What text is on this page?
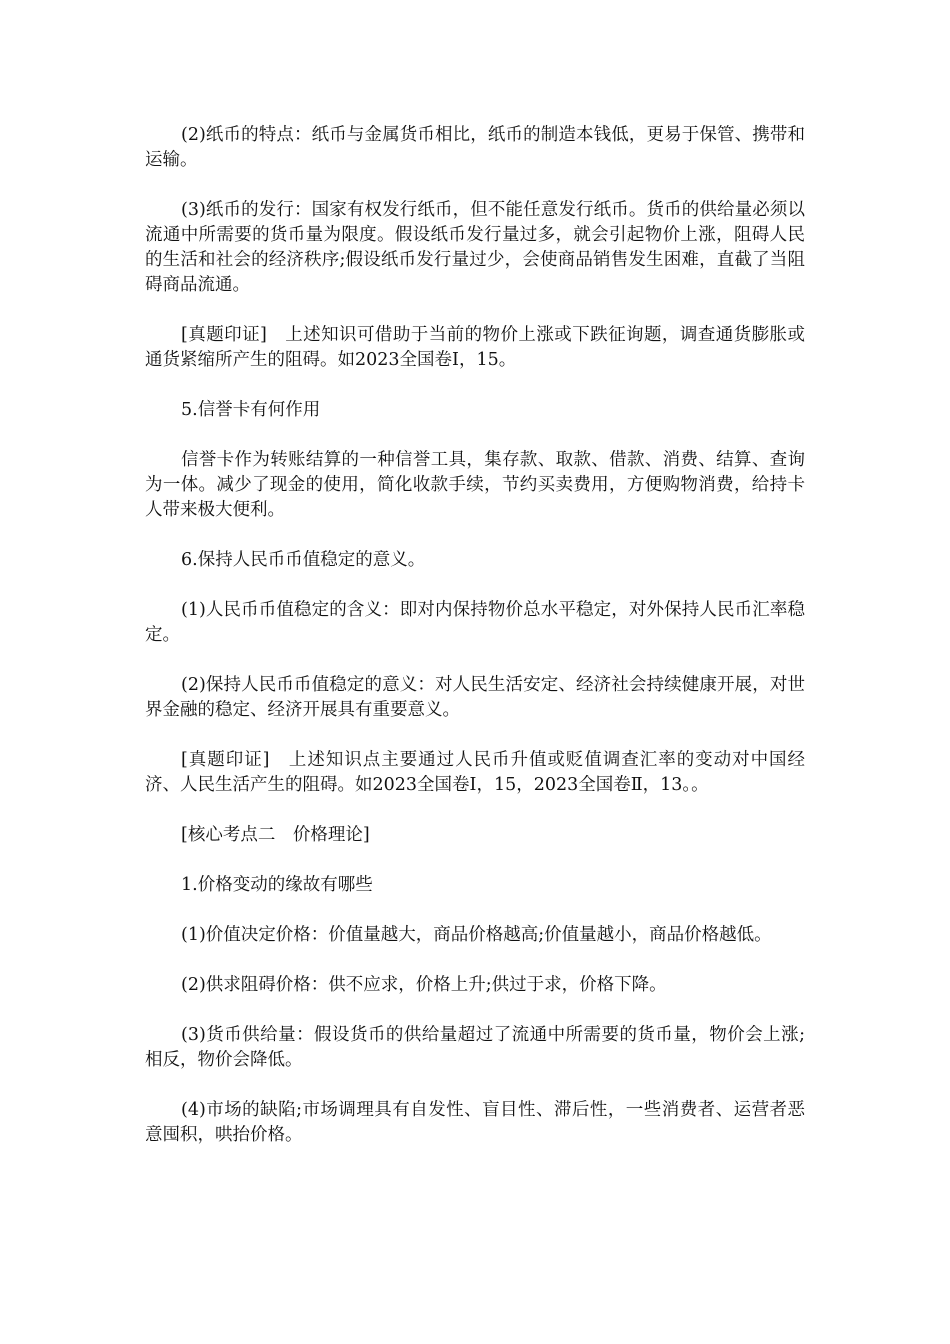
(2)纸币的特点：纸币与金属货币相比，纸币的制造本钱低，更易于保管、携带和运输。

(3)纸币的发行：国家有权发行纸币，但不能任意发行纸币。货币的供给量必须以流通中所需要的货币量为限度。假设纸币发行量过多，就会引起物价上涨，阻碍人民的生活和社会的经济秩序;假设纸币发行量过少，会使商品销售发生困难，直截了当阻碍商品流通。

[真题印证]　上述知识可借助于当前的物价上涨或下跌征询题，调查通货膨胀或通货紧缩所产生的阻碍。如2023全国卷Ⅰ，15。

5.信誉卡有何作用

信誉卡作为转账结算的一种信誉工具，集存款、取款、借款、消费、结算、查询为一体。减少了现金的使用，简化收款手续，节约买卖费用，方便购物消费，给持卡人带来极大便利。

6.保持人民币币值稳定的意义。

(1)人民币币值稳定的含义：即对内保持物价总水平稳定，对外保持人民币汇率稳定。

(2)保持人民币币值稳定的意义：对人民生活安定、经济社会持续健康开展，对世界金融的稳定、经济开展具有重要意义。

[真题印证]　上述知识点主要通过人民币升值或贬值调查汇率的变动对中国经济、人民生活产生的阻碍。如2023全国卷Ⅰ，15，2023全国卷Ⅱ，13。。

[核心考点二　价格理论]

1.价格变动的缘故有哪些

(1)价值决定价格：价值量越大，商品价格越高;价值量越小，商品价格越低。

(2)供求阻碍价格：供不应求，价格上升;供过于求，价格下降。

(3)货币供给量：假设货币的供给量超过了流通中所需要的货币量，物价会上涨;相反，物价会降低。

(4)市场的缺陷;市场调理具有自发性、盲目性、滞后性，一些消费者、运营者恶意囤积，哄抬价格。
